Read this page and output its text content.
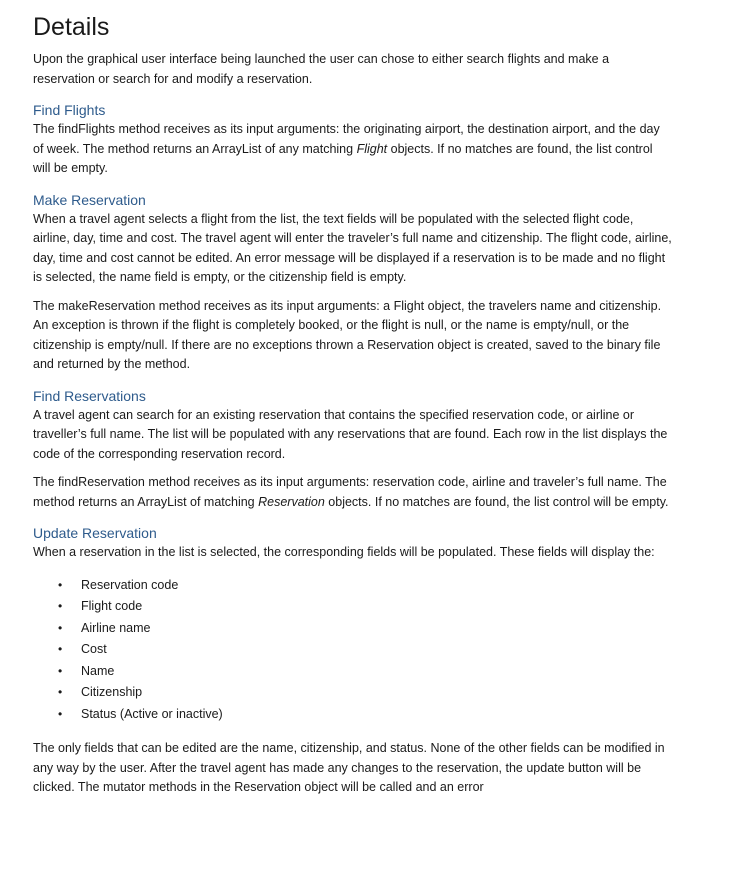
Details

Upon the graphical user interface being launched the user can chose to either search flights and make a reservation or search for and modify a reservation.

Find Flights

The findFlights method receives as its input arguments: the originating airport, the destination airport, and the day of week. The method returns an ArrayList of any matching Flight objects. If no matches are found, the list control will be empty.

Make Reservation

When a travel agent selects a flight from the list, the text fields will be populated with the selected flight code, airline, day, time and cost. The travel agent will enter the traveler’s full name and citizenship. The flight code, airline, day, time and cost cannot be edited. An error message will be displayed if a reservation is to be made and no flight is selected, the name field is empty, or the citizenship field is empty.

The makeReservation method receives as its input arguments: a Flight object, the travelers name and citizenship. An exception is thrown if the flight is completely booked, or the flight is null, or the name is empty/null, or the citizenship is empty/null. If there are no exceptions thrown a Reservation object is created, saved to the binary file and returned by the method.

Find Reservations

A travel agent can search for an existing reservation that contains the specified reservation code, or airline or traveller’s full name. The list will be populated with any reservations that are found. Each row in the list displays the code of the corresponding reservation record.

The findReservation method receives as its input arguments: reservation code, airline and traveler’s full name. The method returns an ArrayList of matching Reservation objects. If no matches are found, the list control will be empty.

Update Reservation

When a reservation in the list is selected, the corresponding fields will be populated. These fields will display the:

• Reservation code
• Flight code
• Airline name
• Cost
• Name
• Citizenship
• Status (Active or inactive)

The only fields that can be edited are the name, citizenship, and status. None of the other fields can be modified in any way by the user. After the travel agent has made any changes to the reservation, the update button will be clicked. The mutator methods in the Reservation object will be called and an error
